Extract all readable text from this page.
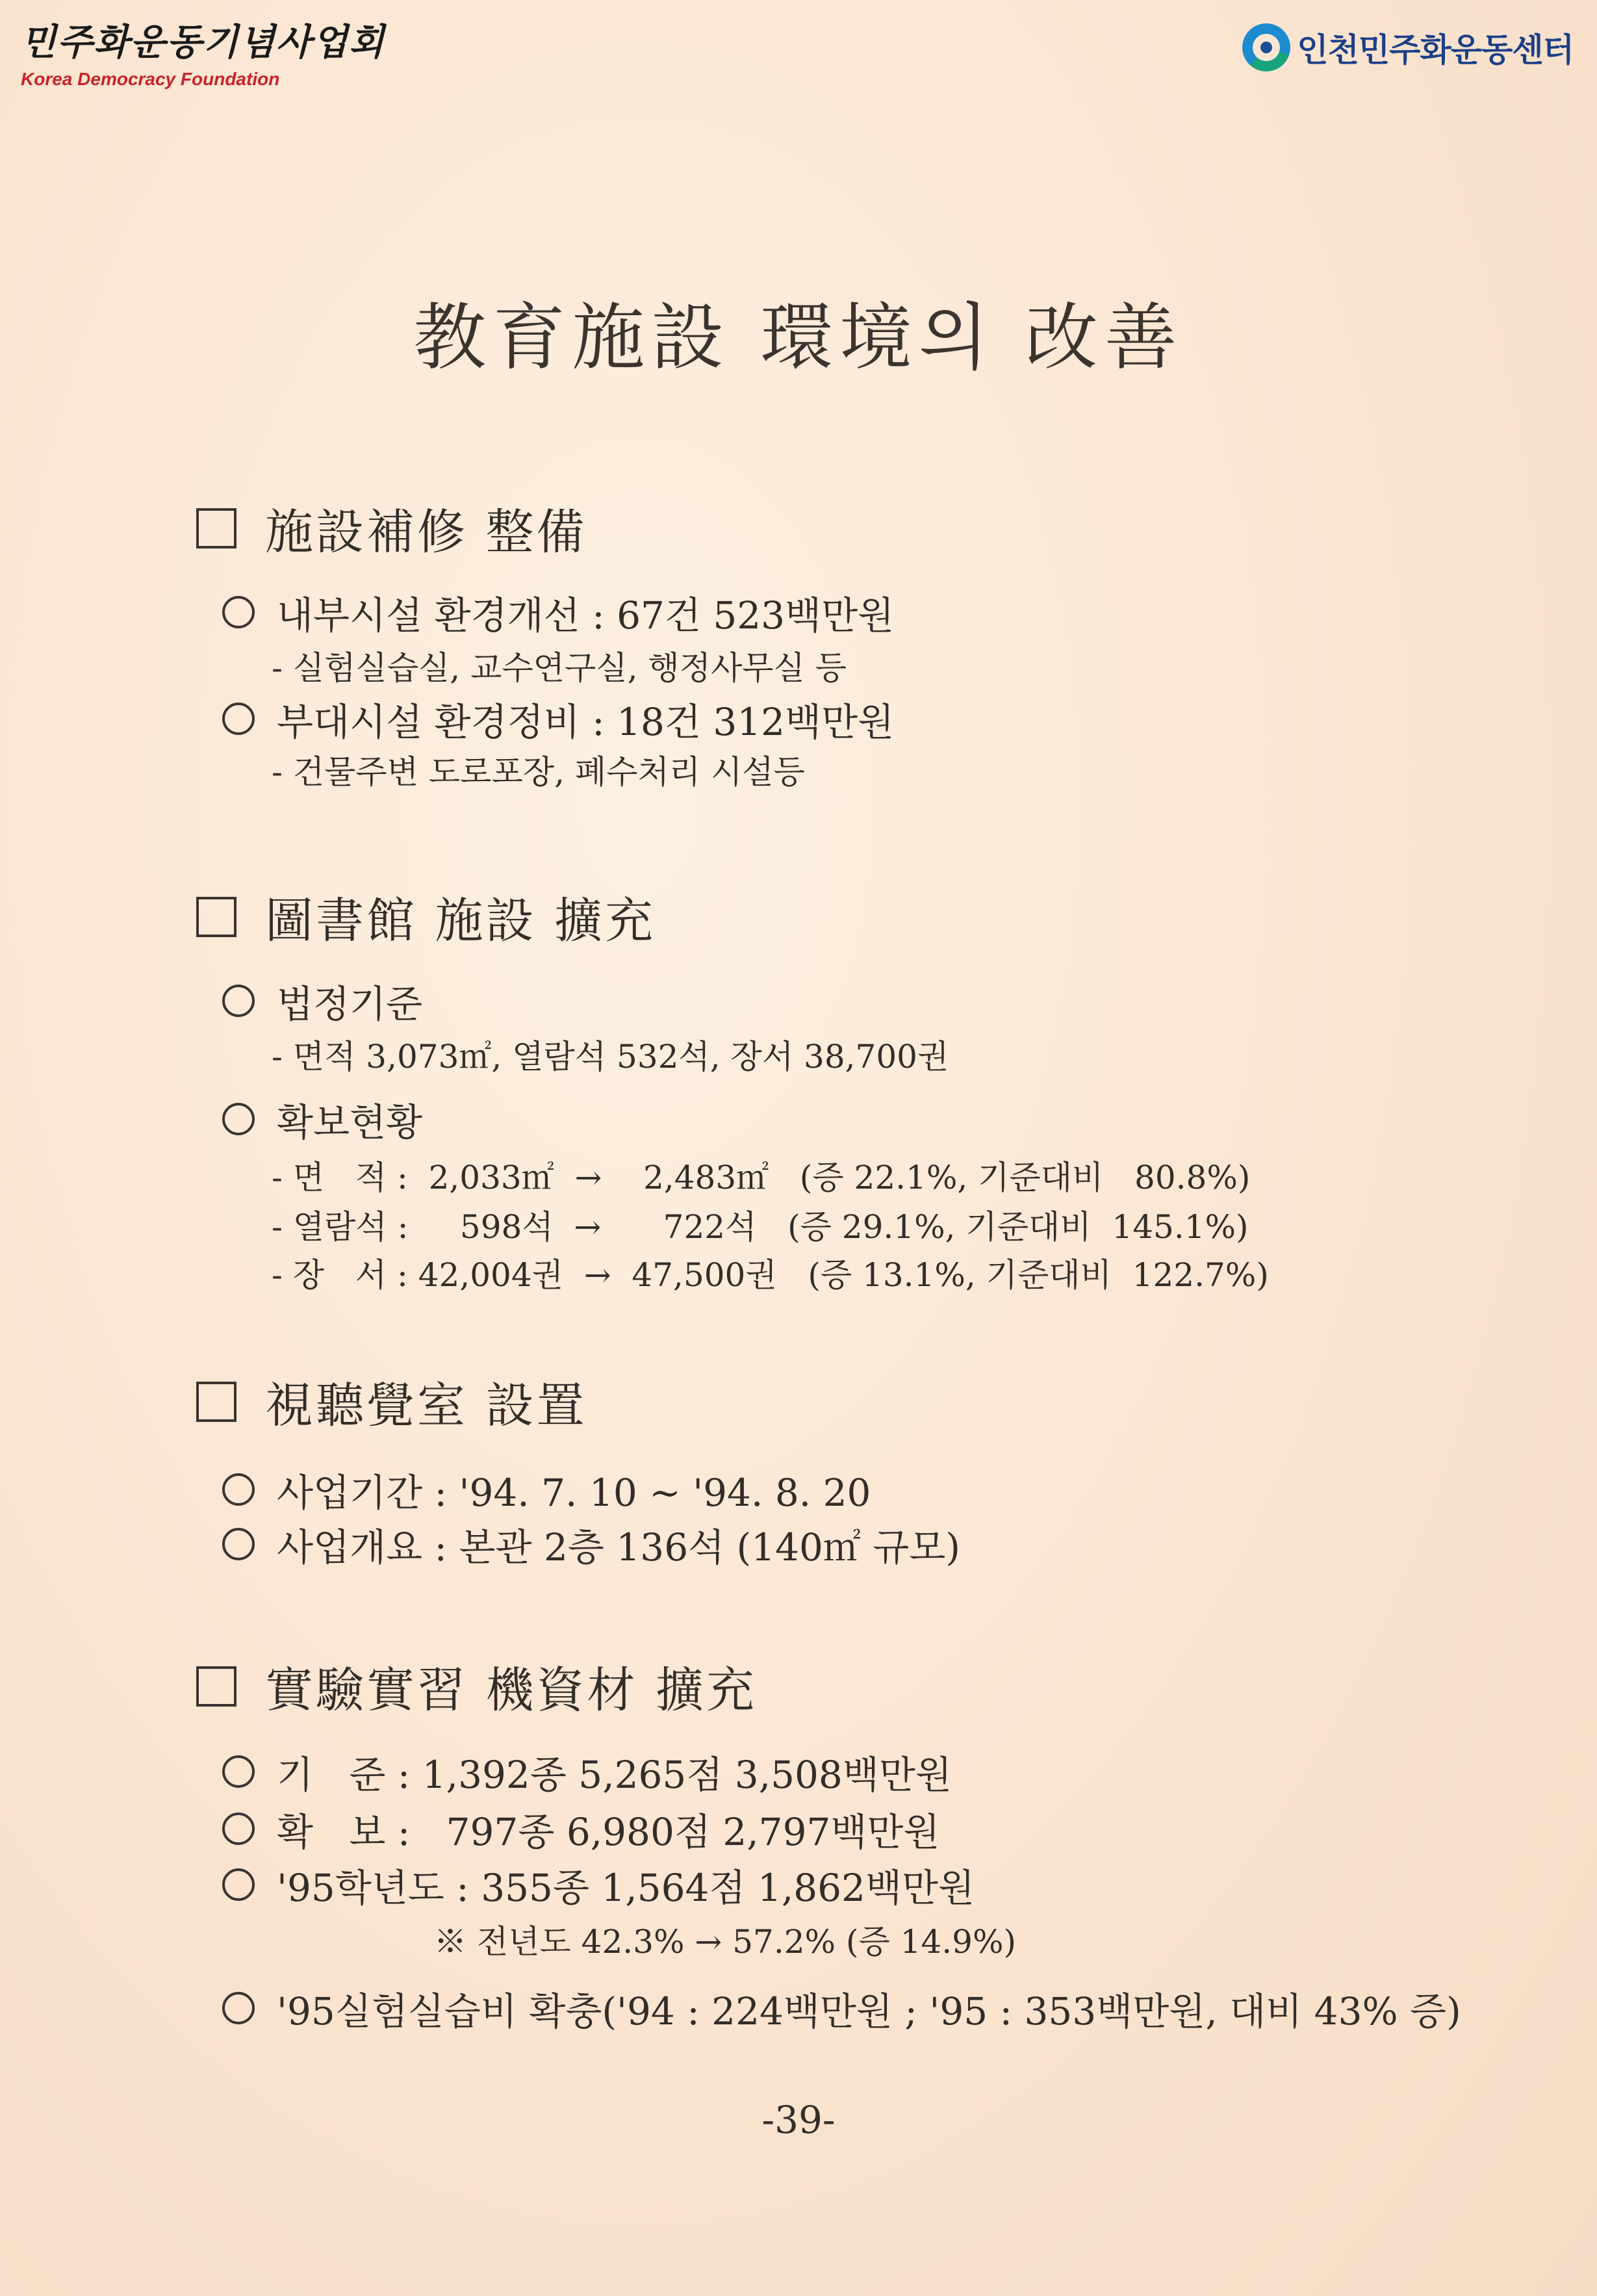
민주화운동기념사업회
Korea Democracy Foundation
인천민주화운동센터
教育施設 環境의 改善
施設補修 整備
내부시설 환경개선 : 67건 523백만원
- 실험실습실, 교수연구실, 행정사무실 등
부대시설 환경정비 : 18건 312백만원
- 건물주변 도로포장, 폐수처리 시설등
圖書館 施設 擴充
법정기준
- 면적 3,073㎡, 열람석 532석, 장서 38,700권
확보현황
- 면   적 :  2,033㎡  →    2,483㎡   (증 22.1%, 기준대비   80.8%)
- 열람석 :     598석  →      722석   (증 29.1%, 기준대비  145.1%)
- 장   서 : 42,004권  →  47,500권   (증 13.1%, 기준대비  122.7%)
視聽覺室 設置
사업기간 : '94. 7. 10 ~ '94. 8. 20
사업개요 : 본관 2층 136석 (140㎡ 규모)
實驗實習 機資材 擴充
기   준 : 1,392종 5,265점 3,508백만원
확   보 :   797종 6,980점 2,797백만원
'95학년도 : 355종 1,564점 1,862백만원
※ 전년도 42.3% → 57.2% (증 14.9%)
'95실험실습비 확충('94 : 224백만원 ; '95 : 353백만원, 대비 43% 증)
-39-
